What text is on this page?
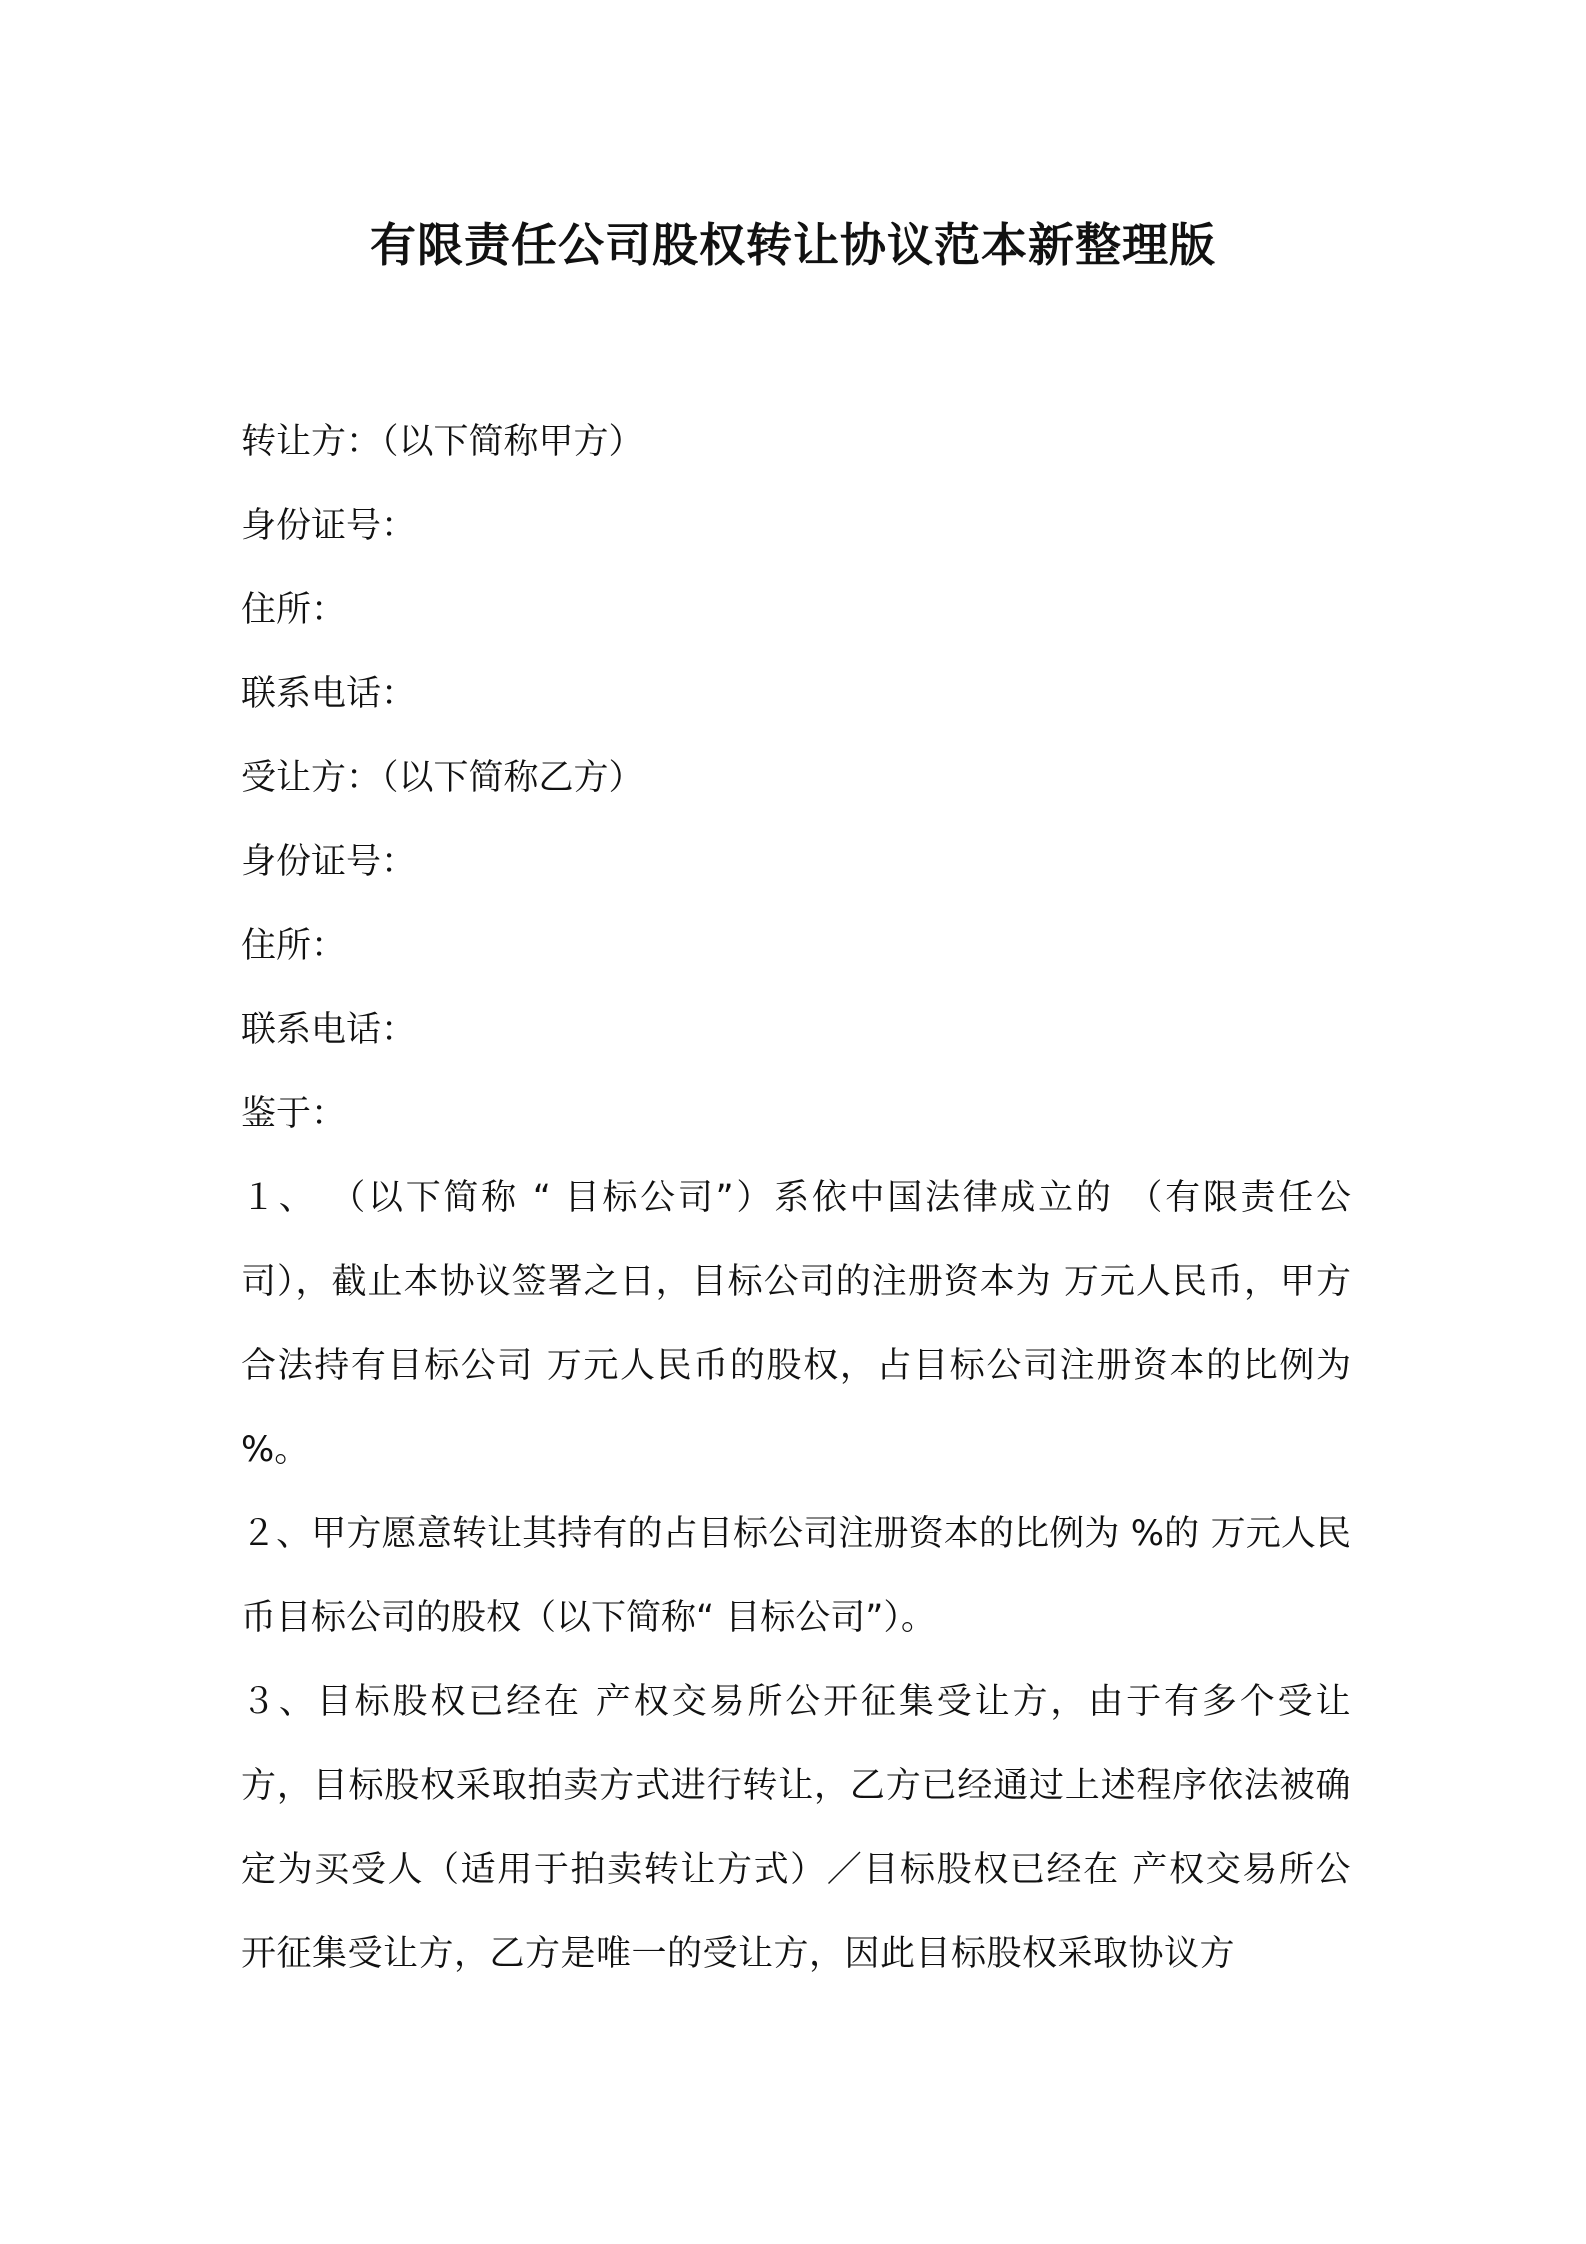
有限责任公司股权转让协议范本新整理版
转让方：（以下简称甲方）
身份证号：
住所：
联系电话：
受让方：（以下简称乙方）
身份证号：
住所：
联系电话：
鉴于：

１、 （以下简称 “ 目标公司”）系依中国法律成立的 （有限责任公司），截止本协议签署之日，目标公司的注册资本为 万元人民币，甲方合法持有目标公司 万元人民币的股权，占目标公司注册资本的比例为 %。

２、甲方愿意转让其持有的占目标公司注册资本的比例为 %的 万元人民币目标公司的股权（以下简称“ 目标公司”）。

３、目标股权已经在 产权交易所公开征集受让方，由于有多个受让方，目标股权采取拍卖方式进行转让，乙方已经通过上述程序依法被确定为买受人（适用于拍卖转让方式）／目标股权已经在 产权交易所公开征集受让方，乙方是唯一的受让方，因此目标股权采取协议方
